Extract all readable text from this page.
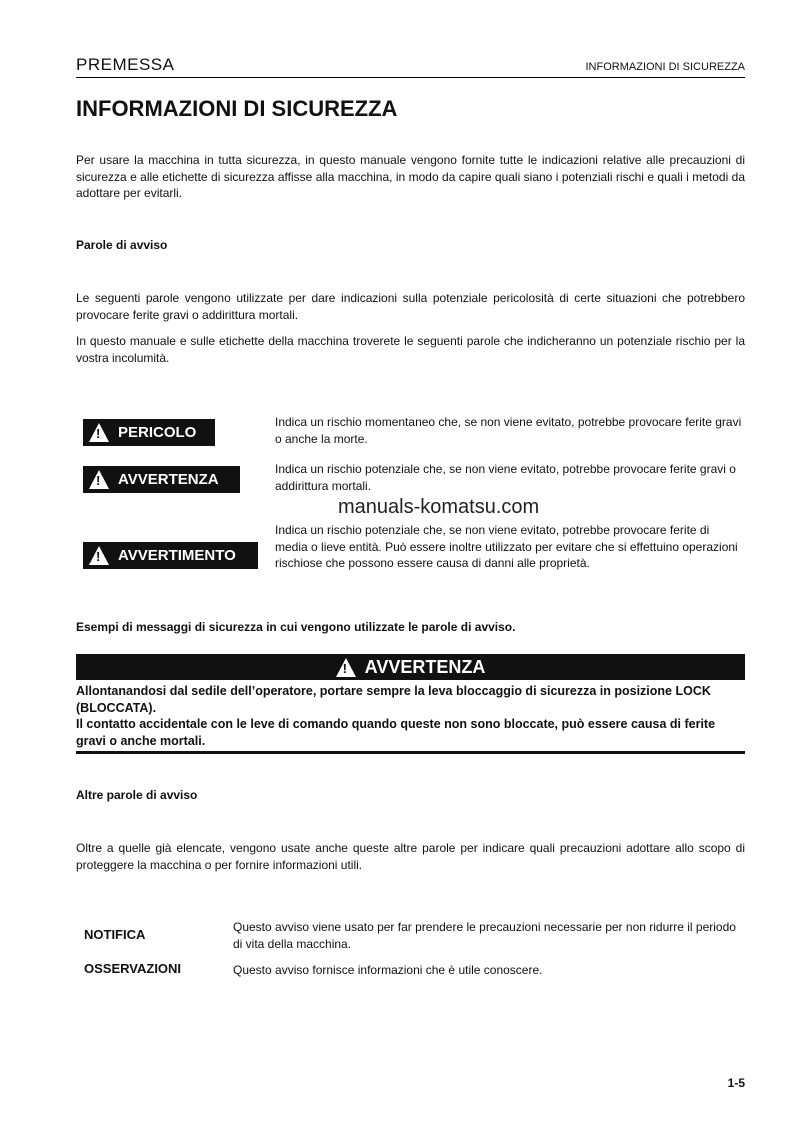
PREMESSA	INFORMAZIONI DI SICUREZZA
INFORMAZIONI DI SICUREZZA
Per usare la macchina in tutta sicurezza, in questo manuale vengono fornite tutte le indicazioni relative alle precauzioni di sicurezza e alle etichette di sicurezza affisse alla macchina, in modo da capire quali siano i potenziali rischi e quali i metodi da adottare per evitarli.
Parole di avviso
Le seguenti parole vengono utilizzate per dare indicazioni sulla potenziale pericolosità di certe situazioni che potrebbero provocare ferite gravi o addirittura mortali.
In questo manuale e sulle etichette della macchina troverete le seguenti parole che indicheranno un potenziale rischio per la vostra incolumità.
!
PERICOLO
Indica un rischio momentaneo che, se non viene evitato, potrebbe provocare ferite gravi o anche la morte.
!
AVVERTENZA
Indica un rischio potenziale che, se non viene evitato, potrebbe provocare ferite gravi o addirittura mortali.
manuals-komatsu.com
!
AVVERTIMENTO
Indica un rischio potenziale che, se non viene evitato, potrebbe provocare ferite di media o lieve entità. Può essere inoltre utilizzato per evitare che si effettuino operazioni rischiose che possono essere causa di danni alle proprietà.
Esempi di messaggi di sicurezza in cui vengono utilizzate le parole di avviso.
!
AVVERTENZA
Allontanandosi dal sedile dell’operatore, portare sempre la leva bloccaggio di sicurezza in posizione LOCK (BLOCCATA).
Il contatto accidentale con le leve di comando quando queste non sono bloccate, può essere causa di ferite gravi o anche mortali.
Altre parole di avviso
Oltre a quelle già elencate, vengono usate anche queste altre parole per indicare quali precauzioni adottare allo scopo di proteggere la macchina o per fornire informazioni utili.
NOTIFICA	Questo avviso viene usato per far prendere le precauzioni necessarie per non ridurre il periodo di vita della macchina.
OSSERVAZIONI	Questo avviso fornisce informazioni che è utile conoscere.
1-5
